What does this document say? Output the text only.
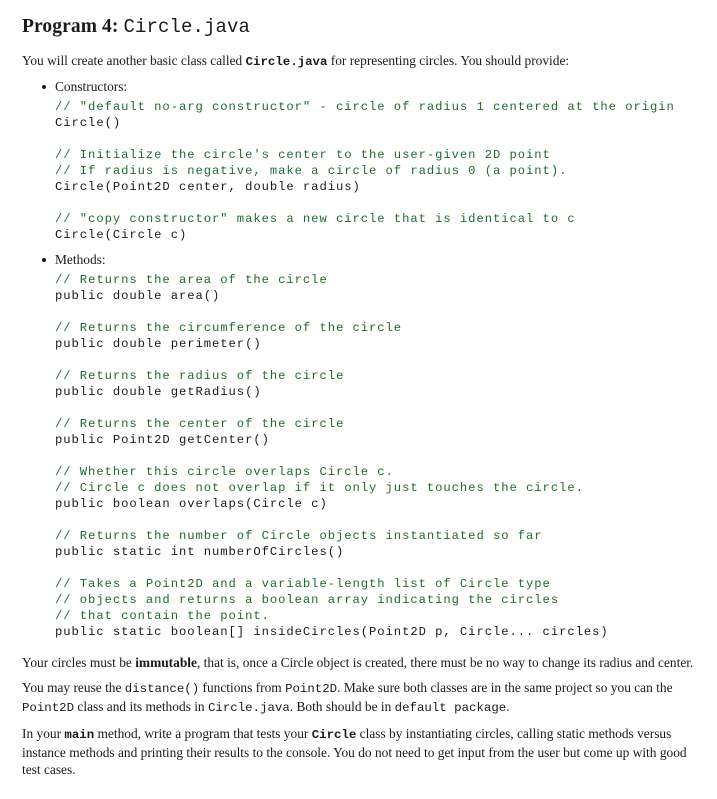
Program 4: Circle.java

You will create another basic class called Circle.java for representing circles. You should provide:

Constructors:
// "default no-arg constructor" - circle of radius 1 centered at the origin
Circle()
// Initialize the circle's center to the user-given 2D point
// If radius is negative, make a circle of radius 0 (a point).
Circle(Point2D center, double radius)
// "copy constructor" makes a new circle that is identical to c
Circle(Circle c)
Methods:
// Returns the area of the circle
public double area()
// Returns the circumference of the circle
public double perimeter()
// Returns the radius of the circle
public double getRadius()
// Returns the center of the circle
public Point2D getCenter()
// Whether this circle overlaps Circle c.
// Circle c does not overlap if it only just touches the circle.
public boolean overlaps(Circle c)
// Returns the number of Circle objects instantiated so far
public static int numberOfCircles()
// Takes a Point2D and a variable-length list of Circle type
// objects and returns a boolean array indicating the circles
// that contain the point.
public static boolean[] insideCircles(Point2D p, Circle... circles)

Your circles must be immutable, that is, once a Circle object is created, there must be no way to change its radius and center.

You may reuse the distance() functions from Point2D. Make sure both classes are in the same project so you can the Point2D class and its methods in Circle.java. Both should be in default package.

In your main method, write a program that tests your Circle class by instantiating circles, calling static methods versus instance methods and printing their results to the console. You do not need to get input from the user but come up with good test cases.
